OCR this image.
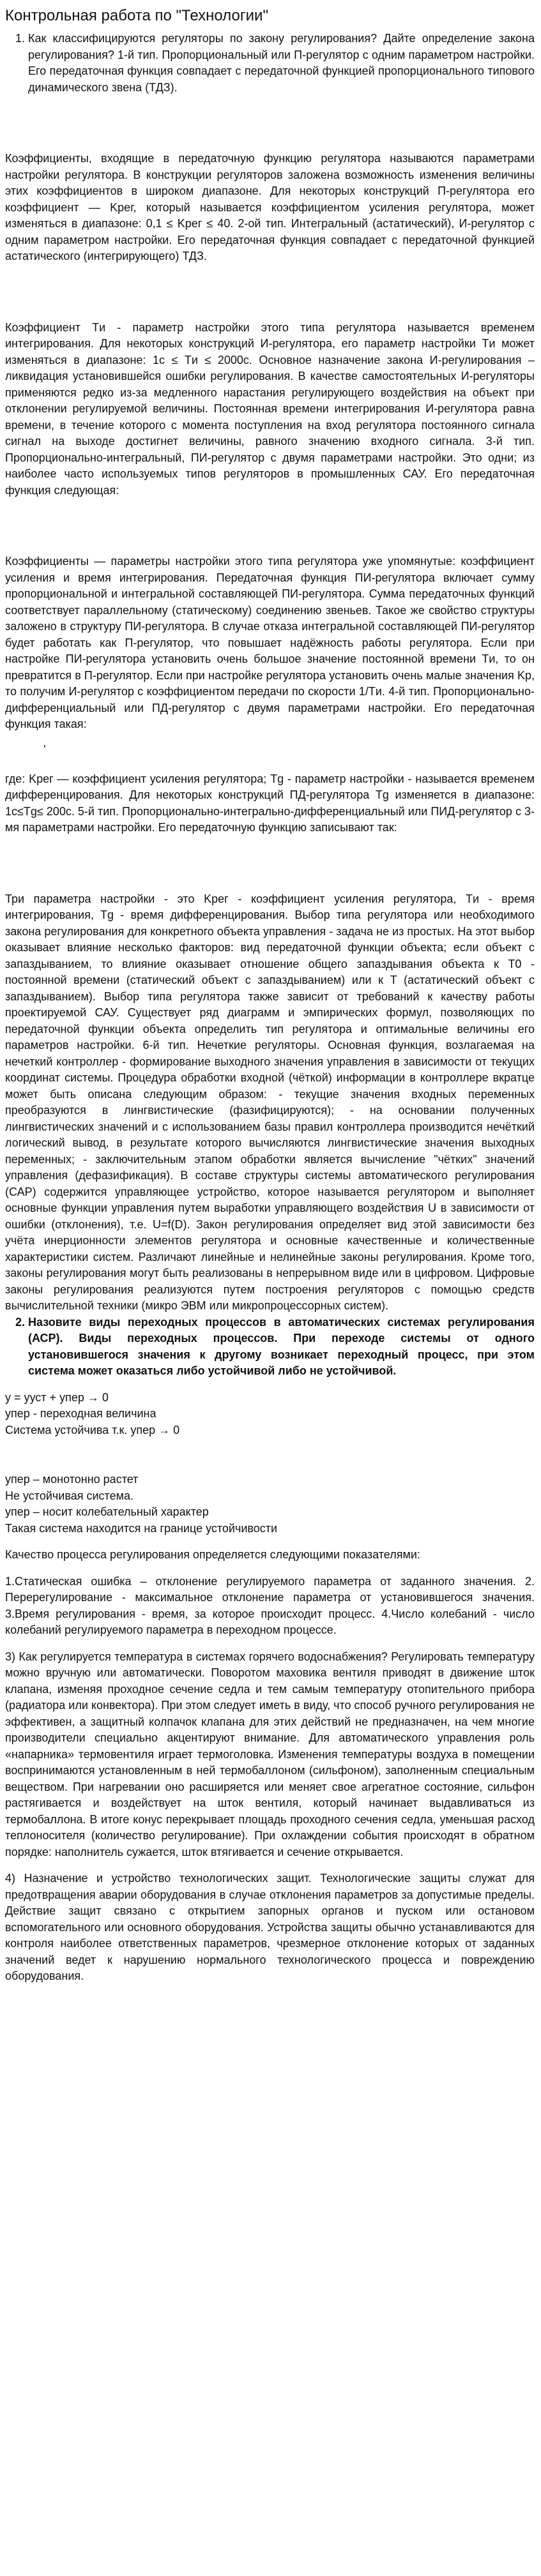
Контрольная работа по "Технологии"
1. Как классифицируются регуляторы по закону регулирования? Дайте определение закона регулирования? 1-й тип. Пропорциональный или П-регулятор с одним параметром настройки. Его передаточная функция совпадает с передаточной функцией пропорционального типового динамического звена (ТДЗ).

Коэффициенты, входящие в передаточную функцию регулятора называются параметрами настройки регулятора. В конструкции регуляторов заложена возможность изменения величины этих коэффициентов в широком диапазоне. Для некоторых конструкций П-регулятора его коэффициент — Kрег, который называется коэффициентом усиления регулятора, может изменяться в диапазоне: 0,1 ≤ Kрег ≤ 40. 2-ой тип. Интегральный (астатический), И-регулятор с одним параметром настройки. Его передаточная функция совпадает с передаточной функцией астатического (интегрирующего) ТДЗ.

Коэффициент Tи - параметр настройки этого типа регулятора называется временем интегрирования. Для некоторых конструкций И-регулятора, его параметр настройки Tи может изменяться в диапазоне: 1с ≤ Tи ≤ 2000с. Основное назначение закона И-регулирования – ликвидация установившейся ошибки регулирования. В качестве самостоятельных И-регуляторы применяются редко из-за медленного нарастания регулирующего воздействия на объект при отклонении регулируемой величины. Постоянная времени интегрирования И-регулятора равна времени, в течение которого с момента поступления на вход регулятора постоянного сигнала сигнал на выходе достигнет величины, равного значению входного сигнала. 3-й тип. Пропорционально-интегральный, ПИ-регулятор с двумя параметрами настройки. Это одни; из наиболее часто используемых типов регуляторов в промышленных САУ. Его передаточная функция следующая:

Коэффициенты — параметры настройки этого типа регулятора уже упомянутые: коэффициент усиления и время интегрирования. Передаточная функция ПИ-регулятора включает сумму пропорциональной и интегральной составляющей ПИ-регулятора. Сумма передаточных функций соответствует параллельному (статическому) соединению звеньев. Такое же свойство структуры заложено в структуру ПИ-регулятора. В случае отказа интегральной составляющей ПИ-регулятор будет работать как П-регулятор, что повышает надёжность работы регулятора. Если при настройке ПИ-регулятора установить очень большое значение постоянной времени Tи, то он превратится в П-регулятор. Если при настройке регулятора установить очень малые значения Kр, то получим И-регулятор с коэффициентом передачи по скорости 1/Tи. 4-й тип. Пропорционально-дифференциальный или ПД-регулятор с двумя параметрами настройки. Его передаточная функция такая:

'

где: Kрег — коэффициент усиления регулятора; Tg - параметр настройки - называется временем дифференцирования. Для некоторых конструкций ПД-регулятора Tg изменяется в диапазоне: 1с≤Tg≤ 200с. 5-й тип. Пропорционально-интегрально-дифференциальный или ПИД-регулятор с 3-мя параметрами настройки. Его передаточную функцию записывают так:

Три параметра настройки - это Kрег - коэффициент усиления регулятора, Tи - время интегрирования, Tg - время дифференцирования. Выбор типа регулятора или необходимого закона регулирования для конкретного объекта управления - задача не из простых. На этот выбор оказывает влияние несколько факторов: вид передаточной функции объекта; если объект с запаздыванием, то влияние оказывает отношение общего запаздывания объекта к T0 - постоянной времени (статический объект с запаздыванием) или к T (астатический объект с запаздыванием). Выбор типа регулятора также зависит от требований к качеству работы проектируемой САУ. Существует ряд диаграмм и эмпирических формул, позволяющих по передаточной функции объекта определить тип регулятора и оптимальные величины его параметров настройки. 6-й тип. Нечеткие регуляторы. Основная функция, возлагаемая на нечеткий контроллер - формирование выходного значения управления в зависимости от текущих координат системы. Процедура обработки входной (чёткой) информации в контроллере вкратце может быть описана следующим образом: - текущие значения входных переменных преобразуются в лингвистические (фазифицируются); - на основании полученных лингвистических значений и с использованием базы правил контроллера производится нечёткий логический вывод, в результате которого вычисляются лингвистические значения выходных переменных; - заключительным этапом обработки является вычисление "чётких" значений управления (дефазификация). В составе структуры системы автоматического регулирования (САР) содержится управляющее устройство, которое называется регулятором и выполняет основные функции управления путем выработки управляющего воздействия U в зависимости от ошибки (отклонения), т.е. U=f(D). Закон регулирования определяет вид этой зависимости без учёта инерционности элементов регулятора и основные качественные и количественные характеристики систем. Различают линейные и нелинейные законы регулирования. Кроме того, законы регулирования могут быть реализованы в непрерывном виде или в цифровом. Цифровые законы регулирования реализуются путем построения регуляторов с помощью средств вычислительной техники (микро ЭВМ или микропроцессорных систем).

2. Назовите виды переходных процессов в автоматических системах регулирования (АСР). Виды переходных процессов. При переходе системы от одного установившегося значения к другому возникает переходный процесс, при этом система может оказаться либо устойчивой либо не устойчивой.

y = yуст + yпер → 0

yпер - переходная величина

Система устойчива т.к. yпер → 0

yпер – монотонно растет

Не устойчивая система.

yпер – носит колебательный характер

Такая система находится на границе устойчивости

Качество процесса регулирования определяется следующими показателями:

1.Статическая ошибка – отклонение регулируемого параметра от заданного значения. 2. Перерегулирование - максимальное отклонение параметра от установившегося значения. 3.Время регулирования - время, за которое происходит процесс. 4.Число колебаний - число колебаний регулируемого параметра в переходном процессе.

3) Как регулируется температура в системах горячего водоснабжения? Регулировать температуру можно вручную или автоматически. Поворотом маховика вентиля приводят в движение шток клапана, изменяя проходное сечение седла и тем самым температуру отопительного прибора (радиатора или конвектора). При этом следует иметь в виду, что способ ручного регулирования не эффективен, а защитный колпачок клапана для этих действий не предназначен, на чем многие производители специально акцентируют внимание. Для автоматического управления роль «напарника» термовентиля играет термоголовка. Изменения температуры воздуха в помещении воспринимаются установленным в ней термобаллоном (сильфоном), заполненным специальным веществом. При нагревании оно расширяется или меняет свое агрегатное состояние, сильфон растягивается и воздействует на шток вентиля, который начинает выдавливаться из термобаллона. В итоге конус перекрывает площадь проходного сечения седла, уменьшая расход теплоносителя (количество регулирование). При охлаждении события происходят в обратном порядке: наполнитель сужается, шток втягивается и сечение открывается.

4) Назначение и устройство технологических защит. Технологические защиты служат для предотвращения аварии оборудования в случае отклонения параметров за допустимые пределы. Действие защит связано с открытием запорных органов и пуском или остановом вспомогательного или основного оборудования. Устройства защиты обычно устанавливаются для контроля наиболее ответственных параметров, чрезмерное отклонение которых от заданных значений ведет к нарушению нормального технологического процесса и повреждению оборудования.
